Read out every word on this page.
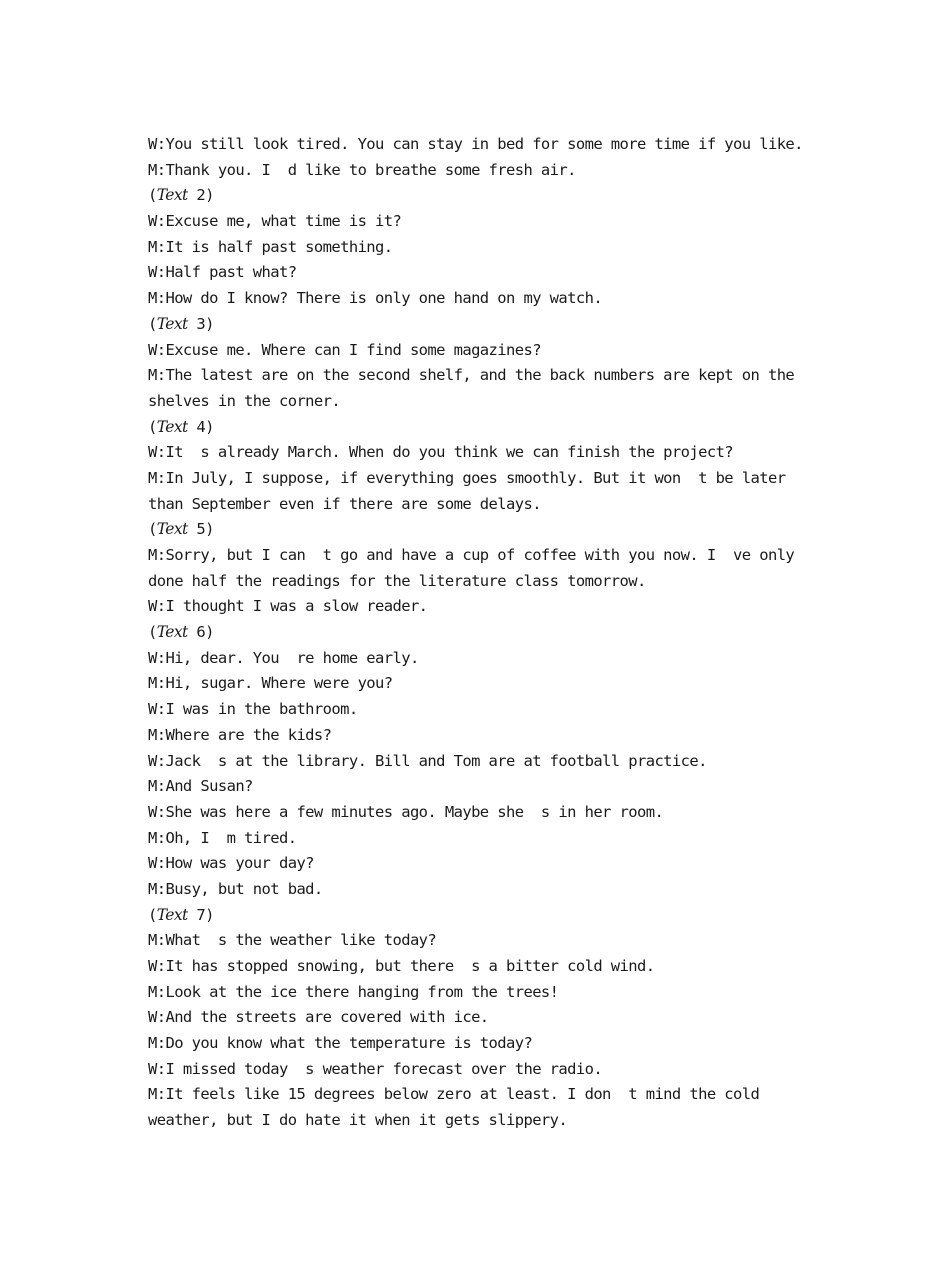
W:You still look tired. You can stay in bed for some more time if you like.
M:Thank you. I  d like to breathe some fresh air.
(Text 2)
W:Excuse me, what time is it?
M:It is half past something.
W:Half past what?
M:How do I know? There is only one hand on my watch.
(Text 3)
W:Excuse me. Where can I find some magazines?
M:The latest are on the second shelf, and the back numbers are kept on the
shelves in the corner.
(Text 4)
W:It  s already March. When do you think we can finish the project?
M:In July, I suppose, if everything goes smoothly. But it won  t be later
than September even if there are some delays.
(Text 5)
M:Sorry, but I can  t go and have a cup of coffee with you now. I  ve only
done half the readings for the literature class tomorrow.
W:I thought I was a slow reader.
(Text 6)
W:Hi, dear. You  re home early.
M:Hi, sugar. Where were you?
W:I was in the bathroom.
M:Where are the kids?
W:Jack  s at the library. Bill and Tom are at football practice.
M:And Susan?
W:She was here a few minutes ago. Maybe she  s in her room.
M:Oh, I  m tired.
W:How was your day?
M:Busy, but not bad.
(Text 7)
M:What  s the weather like today?
W:It has stopped snowing, but there  s a bitter cold wind.
M:Look at the ice there hanging from the trees!
W:And the streets are covered with ice.
M:Do you know what the temperature is today?
W:I missed today  s weather forecast over the radio.
M:It feels like 15 degrees below zero at least. I don  t mind the cold
weather, but I do hate it when it gets slippery.
